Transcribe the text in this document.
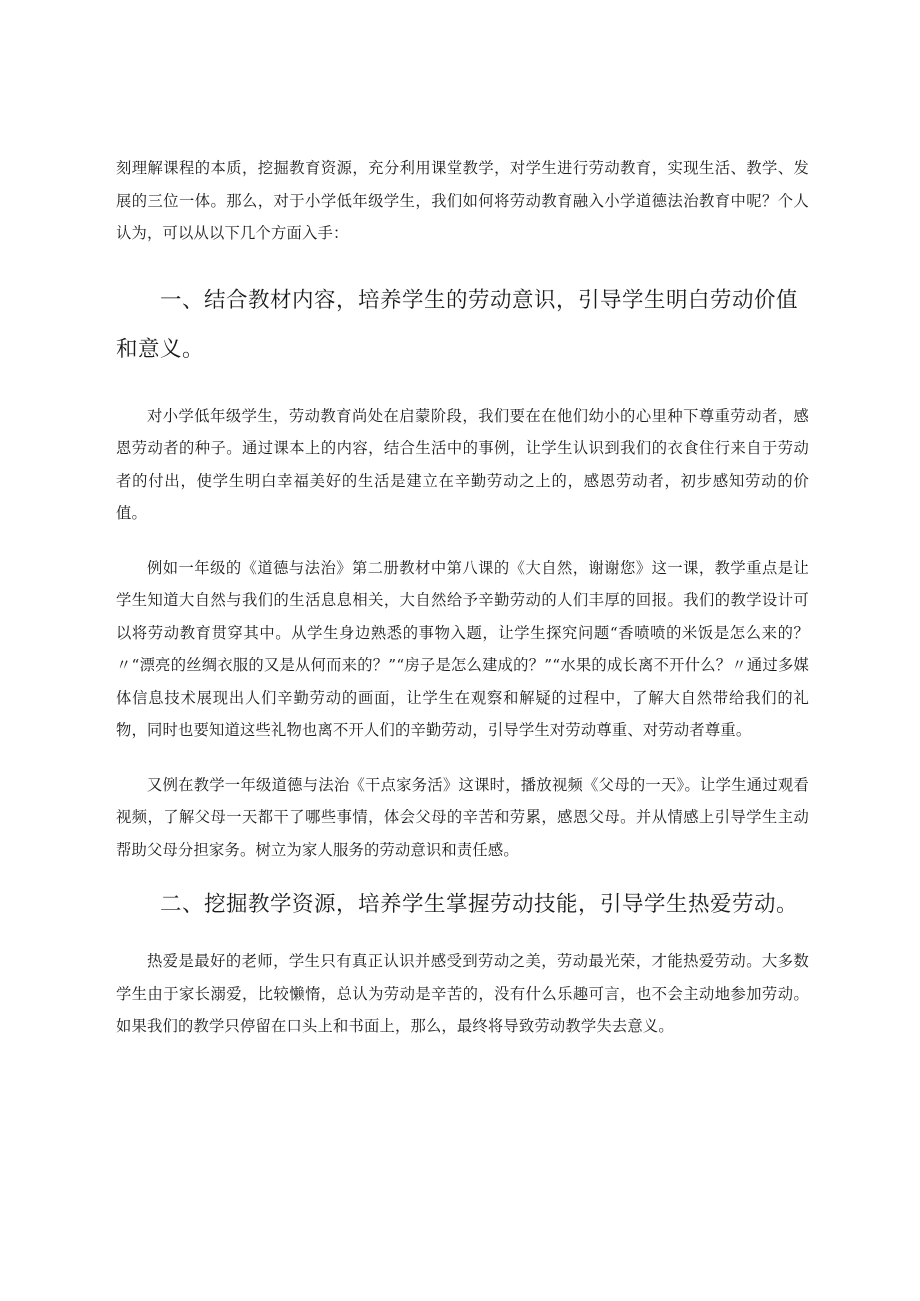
刻理解课程的本质，挖掘教育资源，充分利用课堂教学，对学生进行劳动教育，实现生活、教学、发展的三位一体。那么，对于小学低年级学生，我们如何将劳动教育融入小学道德法治教育中呢？个人认为，可以从以下几个方面入手：

一、结合教材内容，培养学生的劳动意识，引导学生明白劳动价值和意义。

对小学低年级学生，劳动教育尚处在启蒙阶段，我们要在在他们幼小的心里种下尊重劳动者，感恩劳动者的种子。通过课本上的内容，结合生活中的事例，让学生认识到我们的衣食住行来自于劳动者的付出，使学生明白幸福美好的生活是建立在辛勤劳动之上的，感恩劳动者，初步感知劳动的价值。

例如一年级的《道德与法治》第二册教材中第八课的《大自然，谢谢您》这一课，教学重点是让学生知道大自然与我们的生活息息相关，大自然给予辛勤劳动的人们丰厚的回报。我们的教学设计可以将劳动教育贯穿其中。从学生身边熟悉的事物入题，让学生探究问题“香喷喷的米饭是怎么来的？〃“漂亮的丝绸衣服的又是从何而来的？”“房子是怎么建成的？”“水果的成长离不开什么？〃通过多媒体信息技术展现出人们辛勤劳动的画面，让学生在观察和解疑的过程中，了解大自然带给我们的礼物，同时也要知道这些礼物也离不开人们的辛勤劳动，引导学生对劳动尊重、对劳动者尊重。

又例在教学一年级道德与法治《干点家务活》这课时，播放视频《父母的一天》。让学生通过观看视频，了解父母一天都干了哪些事情，体会父母的辛苦和劳累，感恩父母。并从情感上引导学生主动帮助父母分担家务。树立为家人服务的劳动意识和责任感。

二、挖掘教学资源，培养学生掌握劳动技能，引导学生热爱劳动。

热爱是最好的老师，学生只有真正认识并感受到劳动之美，劳动最光荣，才能热爱劳动。大多数学生由于家长溺爱，比较懒惰，总认为劳动是辛苦的，没有什么乐趣可言，也不会主动地参加劳动。如果我们的教学只停留在口头上和书面上，那么，最终将导致劳动教学失去意义。
